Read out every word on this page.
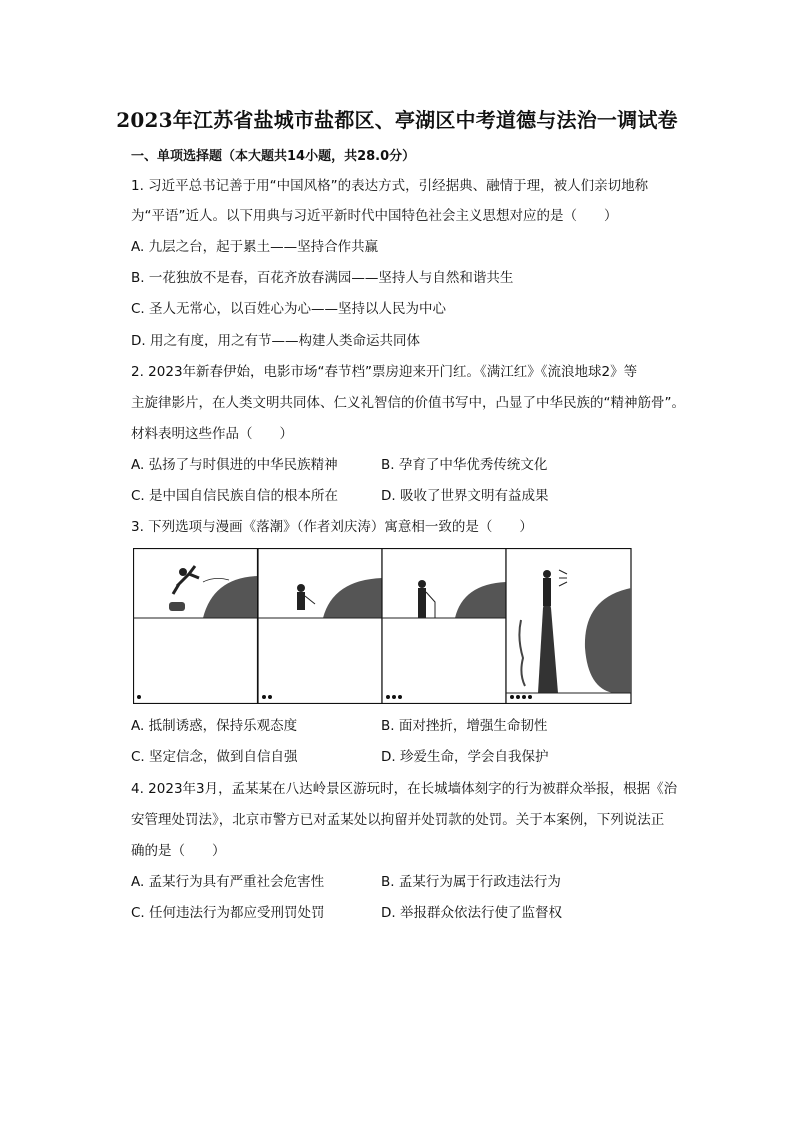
2023年江苏省盐城市盐都区、亭湖区中考道德与法治一调试卷
一、单项选择题（本大题共14小题，共28.0分）
1. 习近平总书记善于用“中国风格”的表达方式，引经据典、融情于理，被人们亲切地称
为“平语”近人。以下用典与习近平新时代中国特色社会主义思想对应的是（　　）
A. 九层之台，起于累土——坚持合作共赢
B. 一花独放不是春，百花齐放春满园——坚持人与自然和谐共生
C. 圣人无常心，以百姓心为心——坚持以人民为中心
D. 用之有度，用之有节——构建人类命运共同体
2. 2023年新春伊始，电影市场“春节档”票房迎来开门红。《满江红》《流浪地球2》等
主旋律影片，在人类文明共同体、仁义礼智信的价值书写中，凸显了中华民族的“精神筋骨”。
材料表明这些作品（　　）
A. 弘扬了与时俱进的中华民族精神	B. 孕育了中华优秀传统文化
C. 是中国自信民族自信的根本所在	D. 吸收了世界文明有益成果
3. 下列选项与漫画《落潮》（作者刘庆涛）寓意相一致的是（　　）
A. 抵制诱惑，保持乐观态度	B. 面对挫折，增强生命韧性
C. 坚定信念，做到自信自强	D. 珍爱生命，学会自我保护
4. 2023年3月，孟某某在八达岭景区游玩时，在长城墙体刻字的行为被群众举报，根据《治
安管理处罚法》，北京市警方已对孟某处以拘留并处罚款的处罚。关于本案例，下列说法正
确的是（　　）
A. 孟某行为具有严重社会危害性	B. 孟某行为属于行政违法行为
C. 任何违法行为都应受刑罚处罚	D. 举报群众依法行使了监督权
